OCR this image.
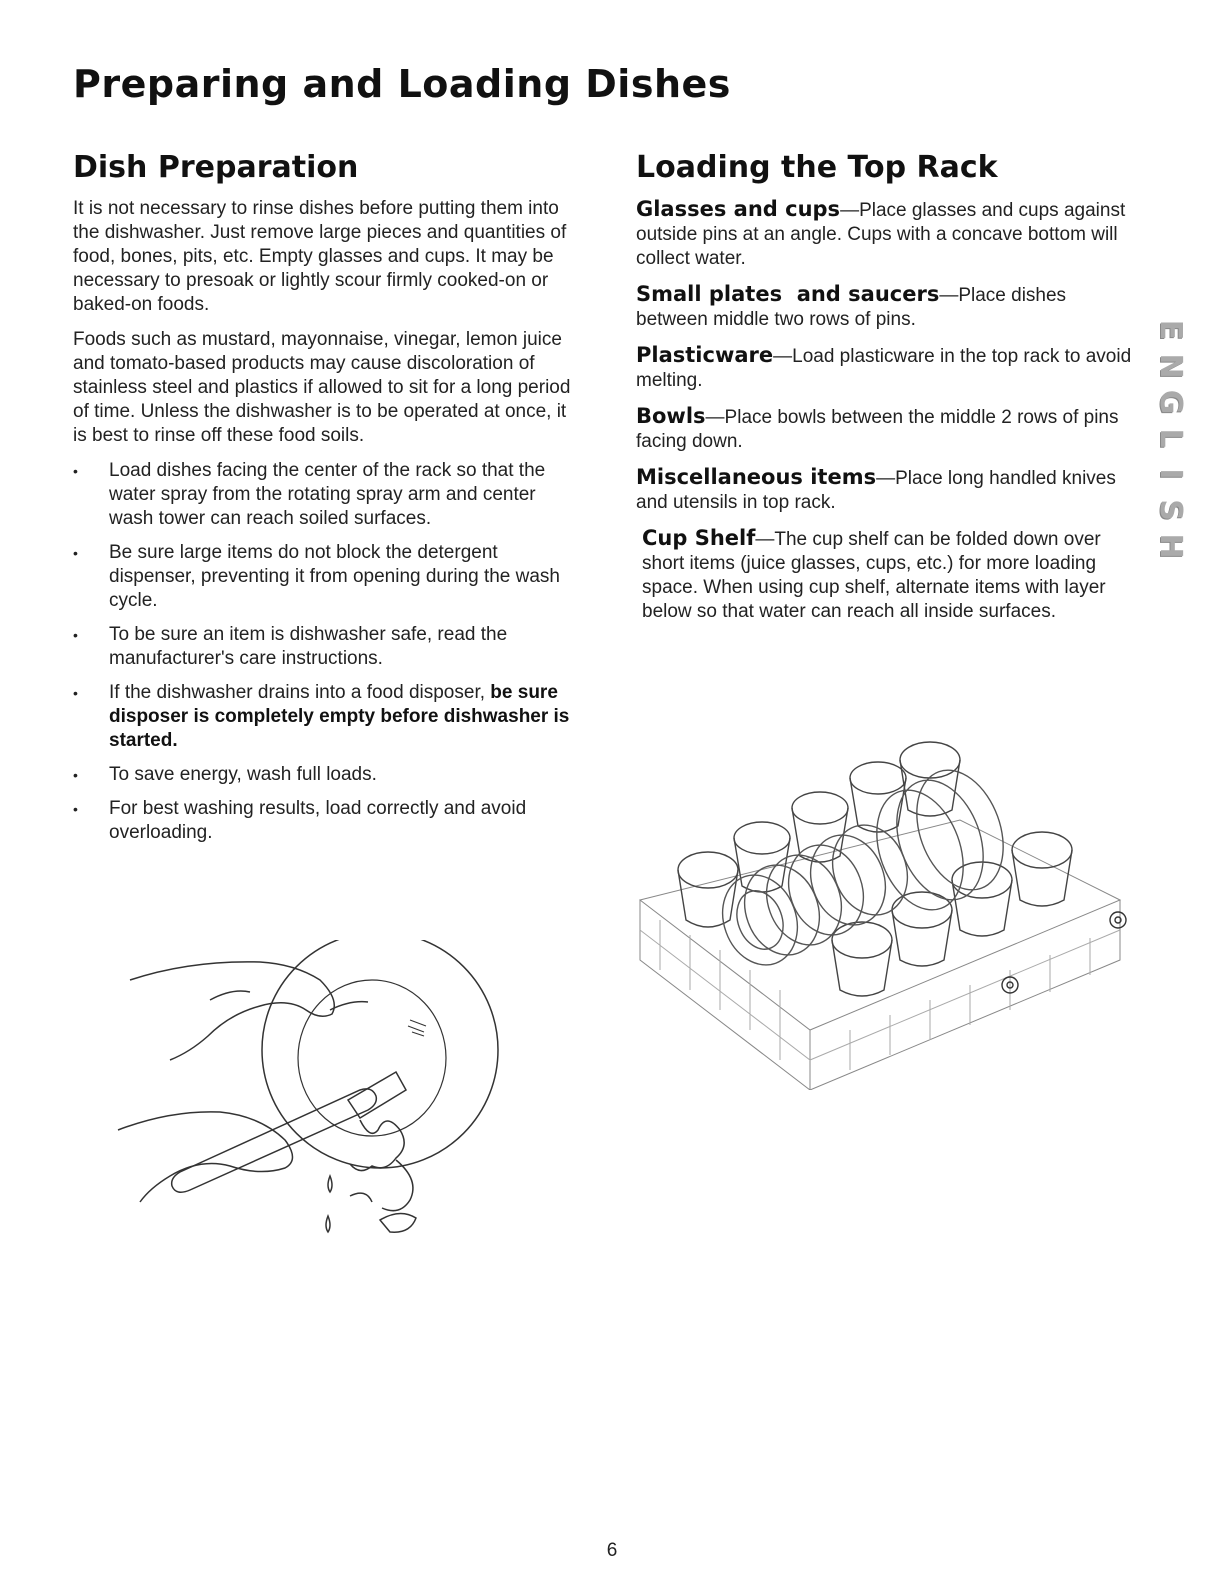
Preparing and Loading Dishes
Dish Preparation

It is not necessary to rinse dishes before putting them into the dishwasher. Just remove large pieces and quantities of food, bones, pits, etc. Empty glasses and cups. It may be necessary to presoak or lightly scour firmly cooked-on or baked-on foods.

Foods such as mustard, mayonnaise, vinegar, lemon juice and tomato-based products may cause discoloration of stainless steel and plastics if allowed to sit for a long period of time. Unless the dishwasher is to be operated at once, it is best to rinse off these food soils.

• Load dishes facing the center of the rack so that the water spray from the rotating spray arm and center wash tower can reach soiled surfaces.
• Be sure large items do not block the detergent dispenser, preventing it from opening during the wash cycle.
• To be sure an item is dishwasher safe, read the manufacturer's care instructions.
• If the dishwasher drains into a food disposer, be sure disposer is completely empty before dishwasher is started.
• To save energy, wash full loads.
• For best washing results, load correctly and avoid overloading.
Loading the Top Rack
Glasses and cups—Place glasses and cups against outside pins at an angle. Cups with a concave bottom will collect water.
Small plates  and saucers—Place dishes between middle two rows of pins.
Plasticware—Load plasticware in the top rack to avoid melting.
Bowls—Place bowls between the middle 2 rows of pins facing down.
Miscellaneous items—Place long handled knives and utensils in top rack.
Cup Shelf—The cup shelf can be folded down over short items (juice glasses, cups, etc.) for more loading space. When using cup shelf, alternate items with layer below so that water can reach all inside surfaces.
E
N
G
L
I
S
H
6
